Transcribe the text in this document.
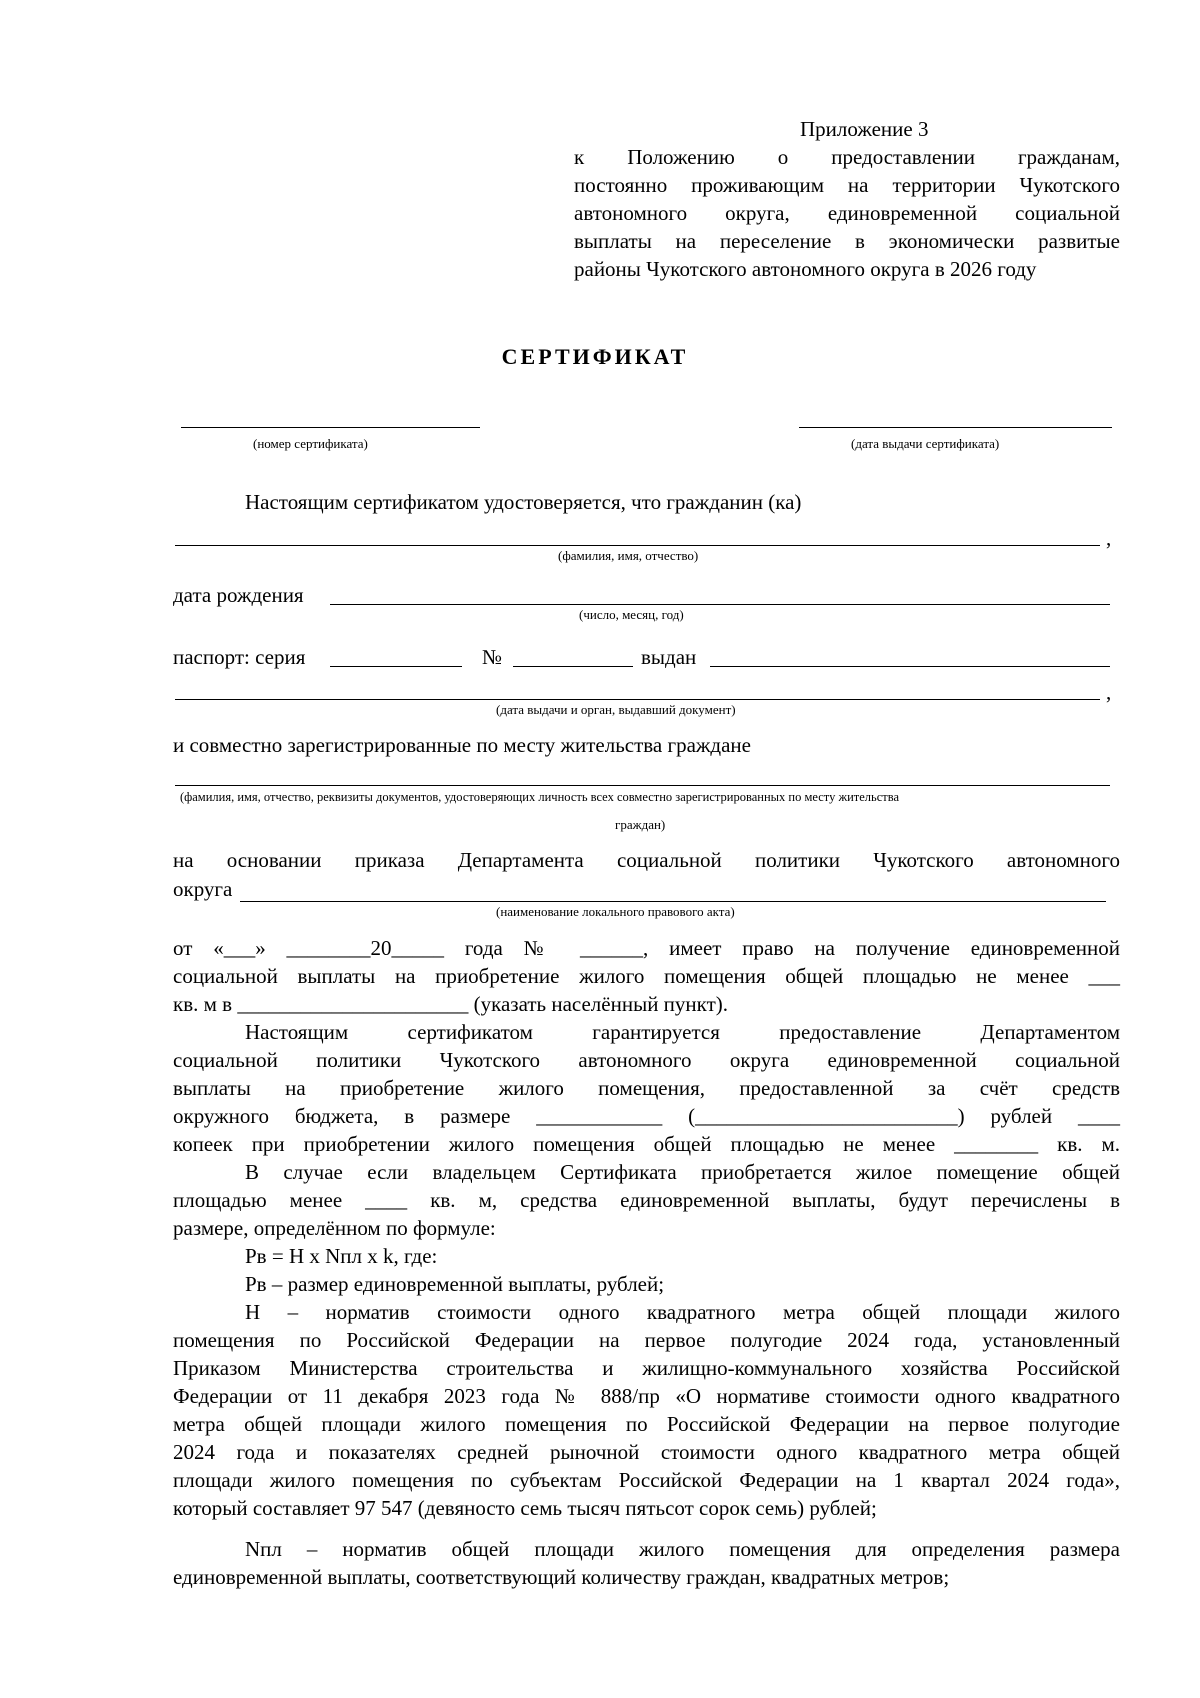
Приложение 3
к Положению о предоставлении гражданам,
постоянно проживающим на территории Чукотского
автономного округа, единовременной социальной
выплаты на переселение в экономически развитые
районы Чукотского автономного округа в 2026 году
СЕРТИФИКАТ
(номер сертификата)	(дата выдачи сертификата)
Настоящим сертификатом удостоверяется, что гражданин (ка)
,
(фамилия, имя, отчество)
дата рождения
(число, месяц, год)
паспорт: серия	№	выдан
,
(дата выдачи и орган, выдавший документ)
и совместно зарегистрированные по месту жительства граждане
(фамилия, имя, отчество, реквизиты документов, удостоверяющих личность всех совместно зарегистрированных по месту жительства
граждан)
на основании приказа Департамента социальной политики Чукотского автономного
округа
(наименование локального правового акта)
от «___» ________20_____ года № ______, имеет право на получение единовременной
социальной выплаты на приобретение жилого помещения общей площадью не менее ___
кв. м в ______________________ (указать населённый пункт).
Настоящим сертификатом гарантируется предоставление Департаментом
социальной политики Чукотского автономного округа единовременной социальной
выплаты на приобретение жилого помещения, предоставленной за счёт средств
окружного бюджета, в размере ____________ (_________________________) рублей ____
копеек при приобретении жилого помещения общей площадью не менее ________ кв. м.
В случае если владельцем Сертификата приобретается жилое помещение общей
площадью менее ____ кв. м, средства единовременной выплаты, будут перечислены в
размере, определённом по формуле:
Рв = Н x Nпл x k, где:
Рв – размер единовременной выплаты, рублей;
Н – норматив стоимости одного квадратного метра общей площади жилого
помещения по Российской Федерации на первое полугодие 2024 года, установленный
Приказом Министерства строительства и жилищно-коммунального хозяйства Российской
Федерации от 11 декабря 2023 года № 888/пр «О нормативе стоимости одного квадратного
метра общей площади жилого помещения по Российской Федерации на первое полугодие
2024 года и показателях средней рыночной стоимости одного квадратного метра общей
площади жилого помещения по субъектам Российской Федерации на 1 квартал 2024 года»,
который составляет 97 547 (девяносто семь тысяч пятьсот сорок семь) рублей;
Nпл – норматив общей площади жилого помещения для определения размера
единовременной выплаты, соответствующий количеству граждан, квадратных метров;
